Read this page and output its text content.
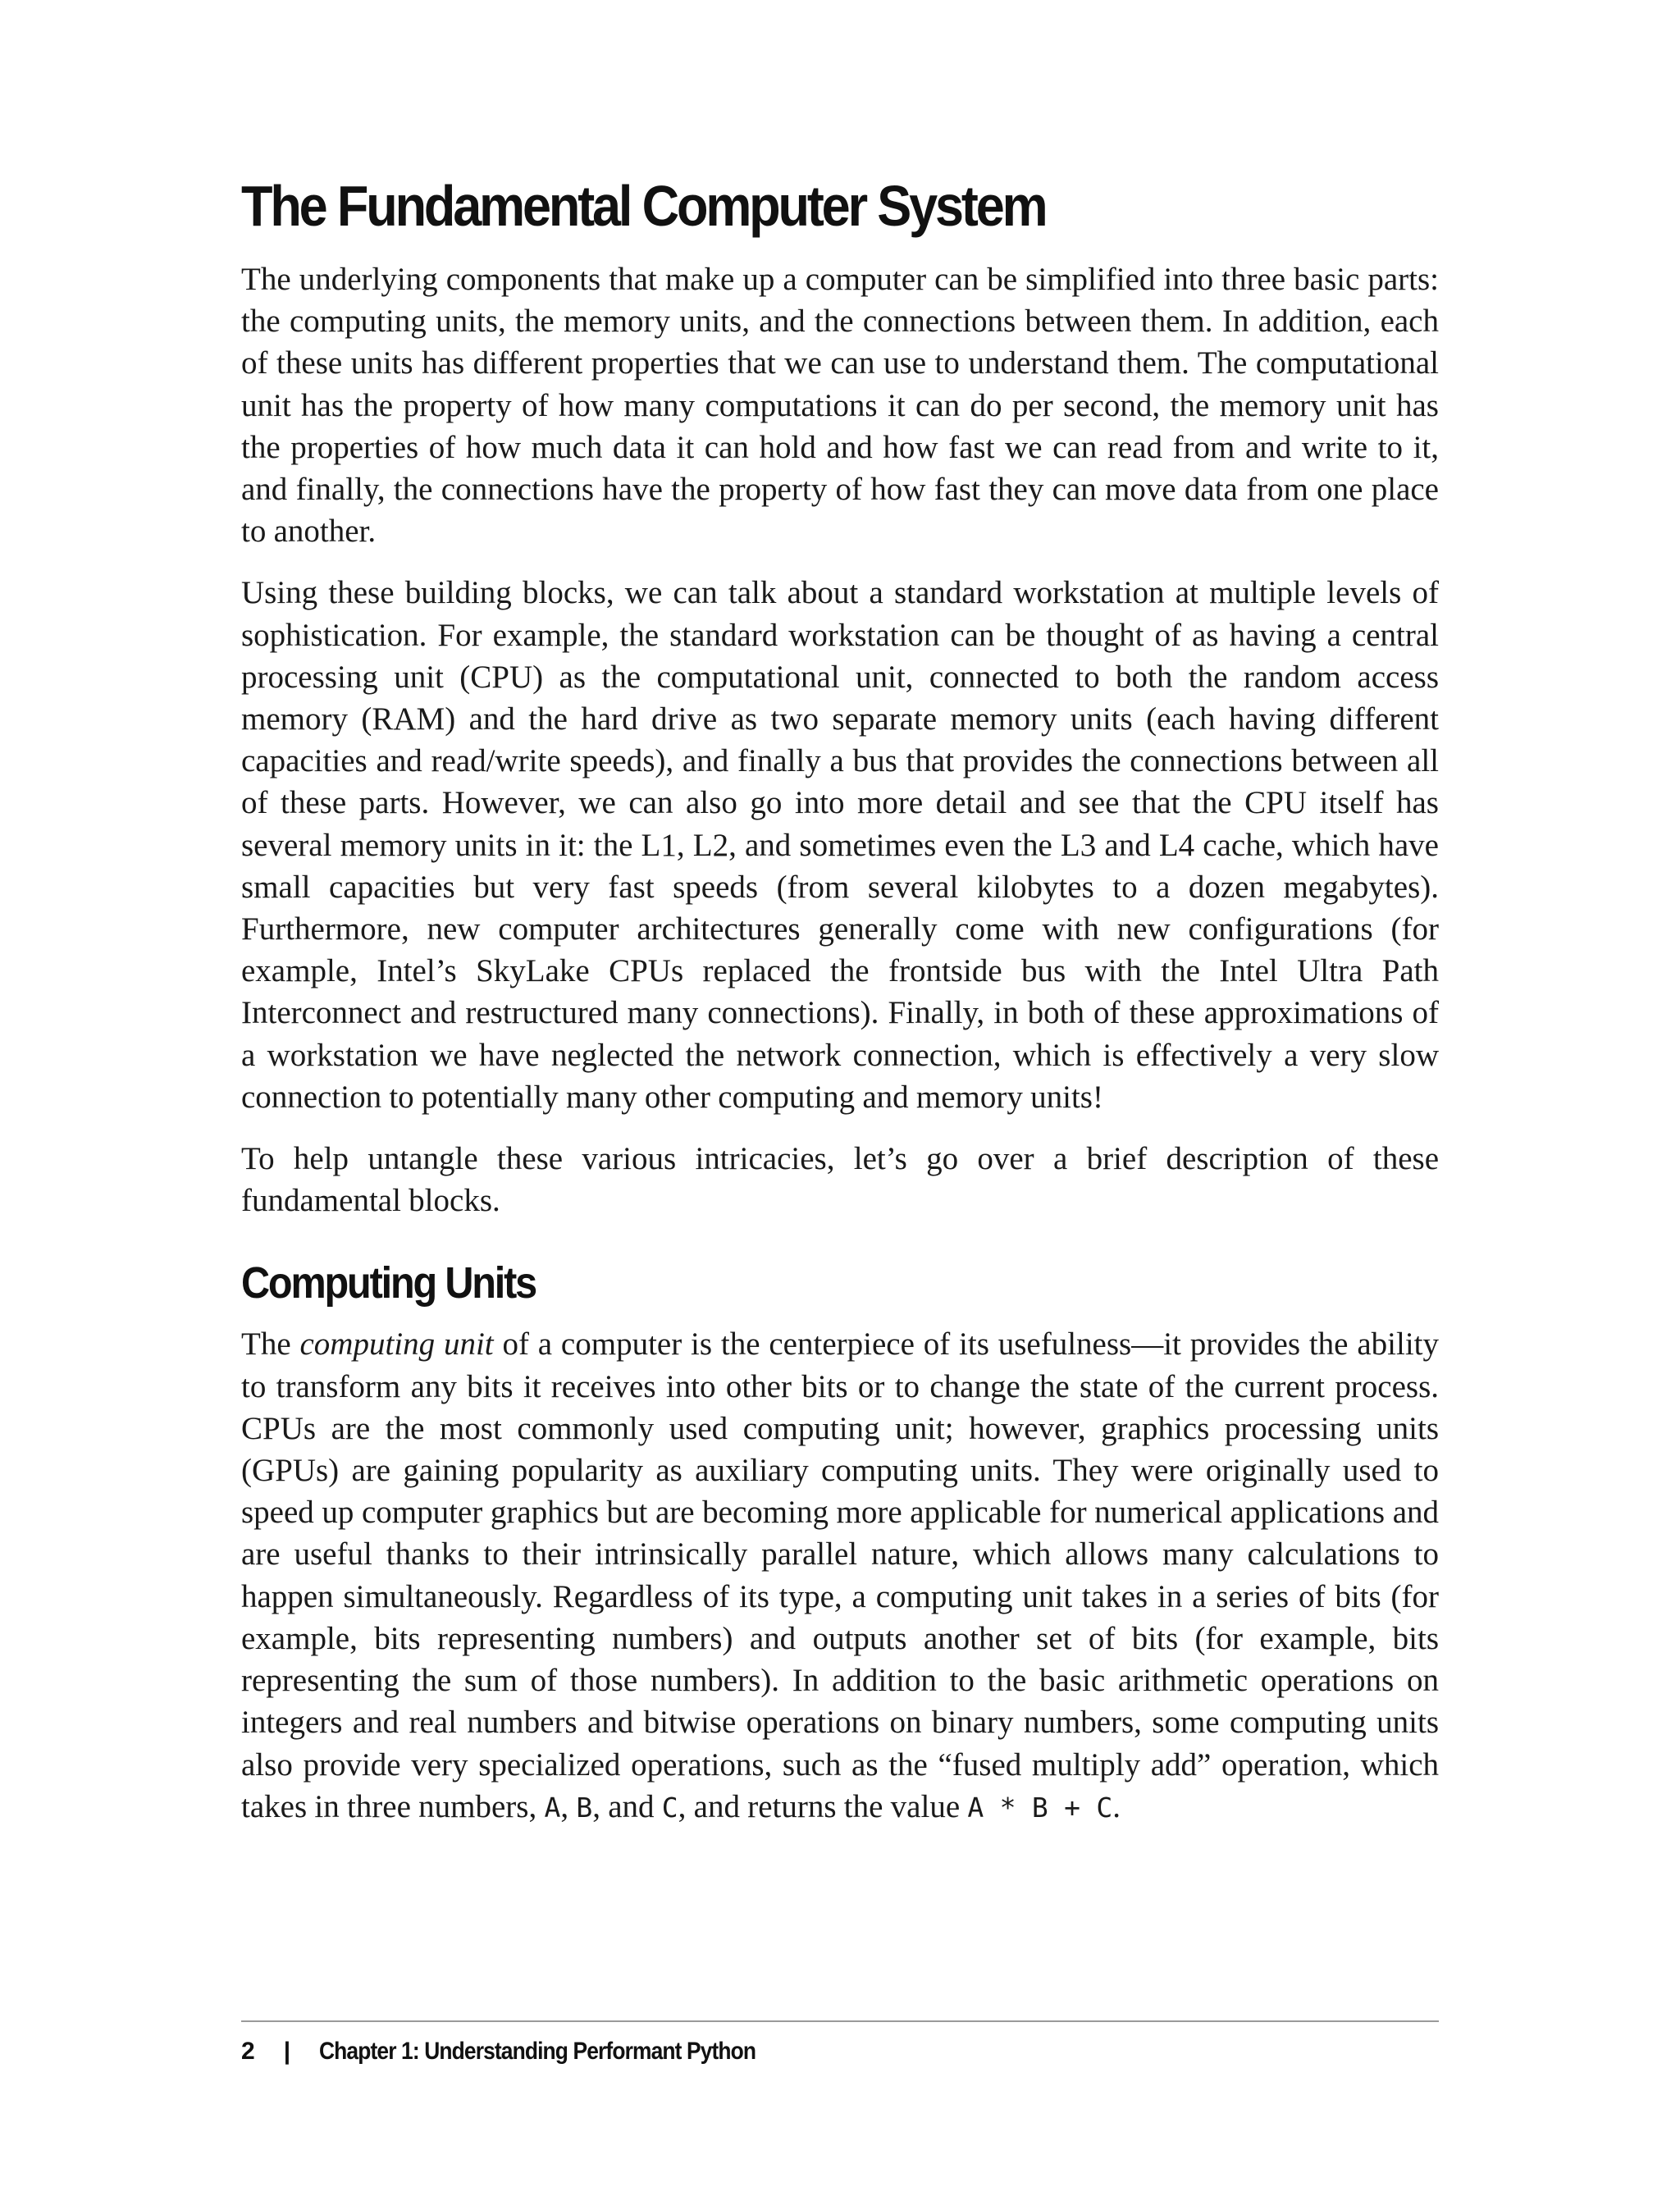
The Fundamental Computer System

The underlying components that make up a computer can be simplified into three basic parts: the computing units, the memory units, and the connections between them. In addition, each of these units has different properties that we can use to understand them. The computational unit has the property of how many computations it can do per second, the memory unit has the properties of how much data it can hold and how fast we can read from and write to it, and finally, the connections have the property of how fast they can move data from one place to another.

Using these building blocks, we can talk about a standard workstation at multiple levels of sophistication. For example, the standard workstation can be thought of as having a central processing unit (CPU) as the computational unit, connected to both the random access memory (RAM) and the hard drive as two separate memory units (each having different capacities and read/write speeds), and finally a bus that provides the connections between all of these parts. However, we can also go into more detail and see that the CPU itself has several memory units in it: the L1, L2, and sometimes even the L3 and L4 cache, which have small capacities but very fast speeds (from several kilobytes to a dozen megabytes). Furthermore, new computer architectures generally come with new configurations (for example, Intel’s SkyLake CPUs replaced the frontside bus with the Intel Ultra Path Interconnect and restructured many connections). Finally, in both of these approximations of a workstation we have neglected the network connection, which is effectively a very slow connection to potentially many other computing and memory units!

To help untangle these various intricacies, let’s go over a brief description of these fundamental blocks.

Computing Units

The computing unit of a computer is the centerpiece of its usefulness—it provides the ability to transform any bits it receives into other bits or to change the state of the current process. CPUs are the most commonly used computing unit; however, graphics processing units (GPUs) are gaining popularity as auxiliary computing units. They were originally used to speed up computer graphics but are becoming more applicable for numerical applications and are useful thanks to their intrinsically parallel nature, which allows many calculations to happen simultaneously. Regardless of its type, a computing unit takes in a series of bits (for example, bits representing numbers) and outputs another set of bits (for example, bits representing the sum of those numbers). In addition to the basic arithmetic operations on integers and real numbers and bitwise operations on binary numbers, some computing units also provide very specialized operations, such as the “fused multiply add” operation, which takes in three numbers, A, B, and C, and returns the value A * B + C.

2 | Chapter 1: Understanding Performant Python
